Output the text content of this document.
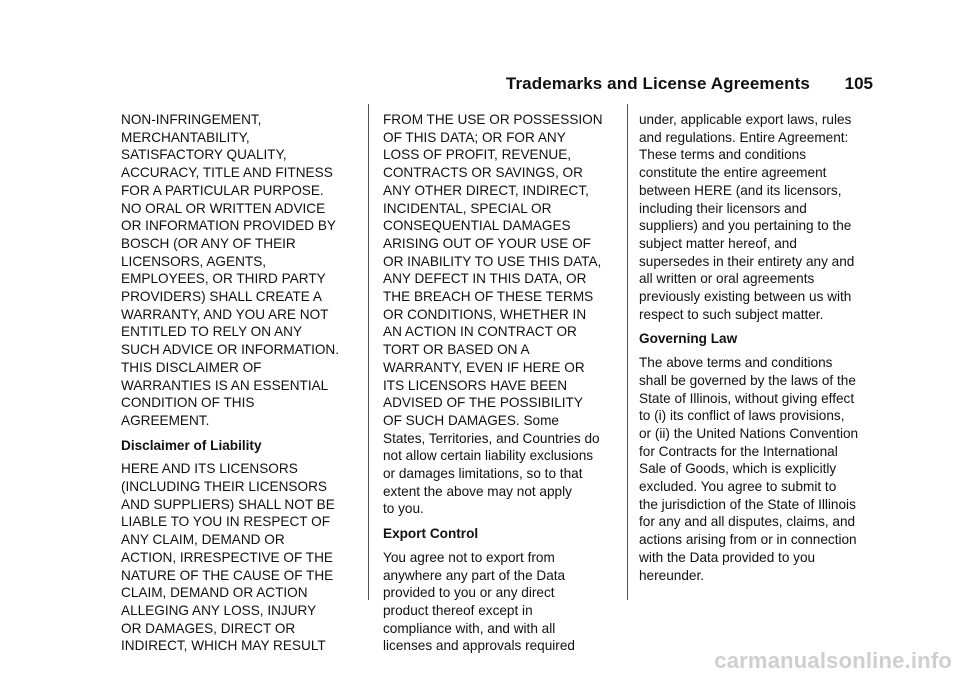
Trademarks and License Agreements 105

NON-INFRINGEMENT,
MERCHANTABILITY,
SATISFACTORY QUALITY,
ACCURACY, TITLE AND FITNESS
FOR A PARTICULAR PURPOSE.
NO ORAL OR WRITTEN ADVICE
OR INFORMATION PROVIDED BY
BOSCH (OR ANY OF THEIR
LICENSORS, AGENTS,
EMPLOYEES, OR THIRD PARTY
PROVIDERS) SHALL CREATE A
WARRANTY, AND YOU ARE NOT
ENTITLED TO RELY ON ANY
SUCH ADVICE OR INFORMATION.
THIS DISCLAIMER OF
WARRANTIES IS AN ESSENTIAL
CONDITION OF THIS
AGREEMENT.

Disclaimer of Liability

HERE AND ITS LICENSORS
(INCLUDING THEIR LICENSORS
AND SUPPLIERS) SHALL NOT BE
LIABLE TO YOU IN RESPECT OF
ANY CLAIM, DEMAND OR
ACTION, IRRESPECTIVE OF THE
NATURE OF THE CAUSE OF THE
CLAIM, DEMAND OR ACTION
ALLEGING ANY LOSS, INJURY
OR DAMAGES, DIRECT OR
INDIRECT, WHICH MAY RESULT

FROM THE USE OR POSSESSION
OF THIS DATA; OR FOR ANY
LOSS OF PROFIT, REVENUE,
CONTRACTS OR SAVINGS, OR
ANY OTHER DIRECT, INDIRECT,
INCIDENTAL, SPECIAL OR
CONSEQUENTIAL DAMAGES
ARISING OUT OF YOUR USE OF
OR INABILITY TO USE THIS DATA,
ANY DEFECT IN THIS DATA, OR
THE BREACH OF THESE TERMS
OR CONDITIONS, WHETHER IN
AN ACTION IN CONTRACT OR
TORT OR BASED ON A
WARRANTY, EVEN IF HERE OR
ITS LICENSORS HAVE BEEN
ADVISED OF THE POSSIBILITY
OF SUCH DAMAGES. Some
States, Territories, and Countries do
not allow certain liability exclusions
or damages limitations, so to that
extent the above may not apply
to you.

Export Control

You agree not to export from
anywhere any part of the Data
provided to you or any direct
product thereof except in
compliance with, and with all
licenses and approvals required

under, applicable export laws, rules
and regulations. Entire Agreement:
These terms and conditions
constitute the entire agreement
between HERE (and its licensors,
including their licensors and
suppliers) and you pertaining to the
subject matter hereof, and
supersedes in their entirety any and
all written or oral agreements
previously existing between us with
respect to such subject matter.

Governing Law

The above terms and conditions
shall be governed by the laws of the
State of Illinois, without giving effect
to (i) its conflict of laws provisions,
or (ii) the United Nations Convention
for Contracts for the International
Sale of Goods, which is explicitly
excluded. You agree to submit to
the jurisdiction of the State of Illinois
for any and all disputes, claims, and
actions arising from or in connection
with the Data provided to you
hereunder.

carmanualsonline.info
